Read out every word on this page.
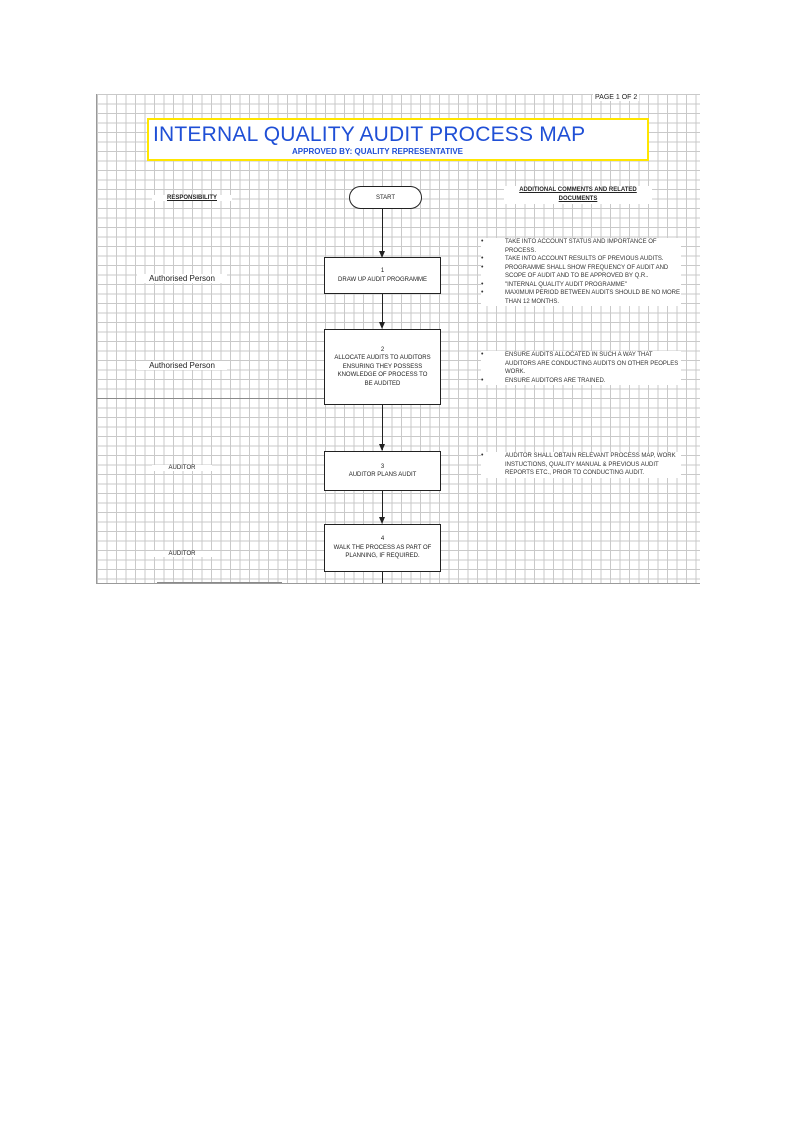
PAGE 1 OF 2
INTERNAL QUALITY AUDIT PROCESS MAP
APPROVED BY: QUALITY REPRESENTATIVE
RESPONSIBILITY
ADDITIONAL COMMENTS AND RELATED DOCUMENTS
START
1
DRAW UP AUDIT PROGRAMME
Authorised Person
• TAKE INTO ACCOUNT STATUS AND IMPORTANCE OF PROCESS.
• TAKE INTO ACCOUNT RESULTS OF PREVIOUS AUDITS.
• PROGRAMME SHALL SHOW FREQUENCY OF AUDIT AND SCOPE OF AUDIT AND TO BE APPROVED BY Q.R..
• "INTERNAL QUALITY AUDIT PROGRAMME"
• MAXIMUM PERIOD BETWEEN AUDITS SHOULD BE NO MORE THAN 12 MONTHS.
2
ALLOCATE AUDITS TO AUDITORS ENSURING THEY POSSESS KNOWLEDGE OF PROCESS TO BE AUDITED
Authorised Person
• ENSURE AUDITS ALLOCATED IN SUCH A WAY THAT AUDITORS ARE CONDUCTING AUDITS ON OTHER PEOPLES WORK.
• ENSURE AUDITORS ARE TRAINED.
3
AUDITOR PLANS AUDIT
AUDITOR
• AUDITOR SHALL OBTAIN RELEVANT PROCESS MAP, WORK INSTUCTIONS, QUALITY MANUAL & PREVIOUS AUDIT REPORTS ETC., PRIOR TO CONDUCTING AUDIT.
4
WALK THE PROCESS AS PART OF PLANNING, IF REQUIRED.
AUDITOR
